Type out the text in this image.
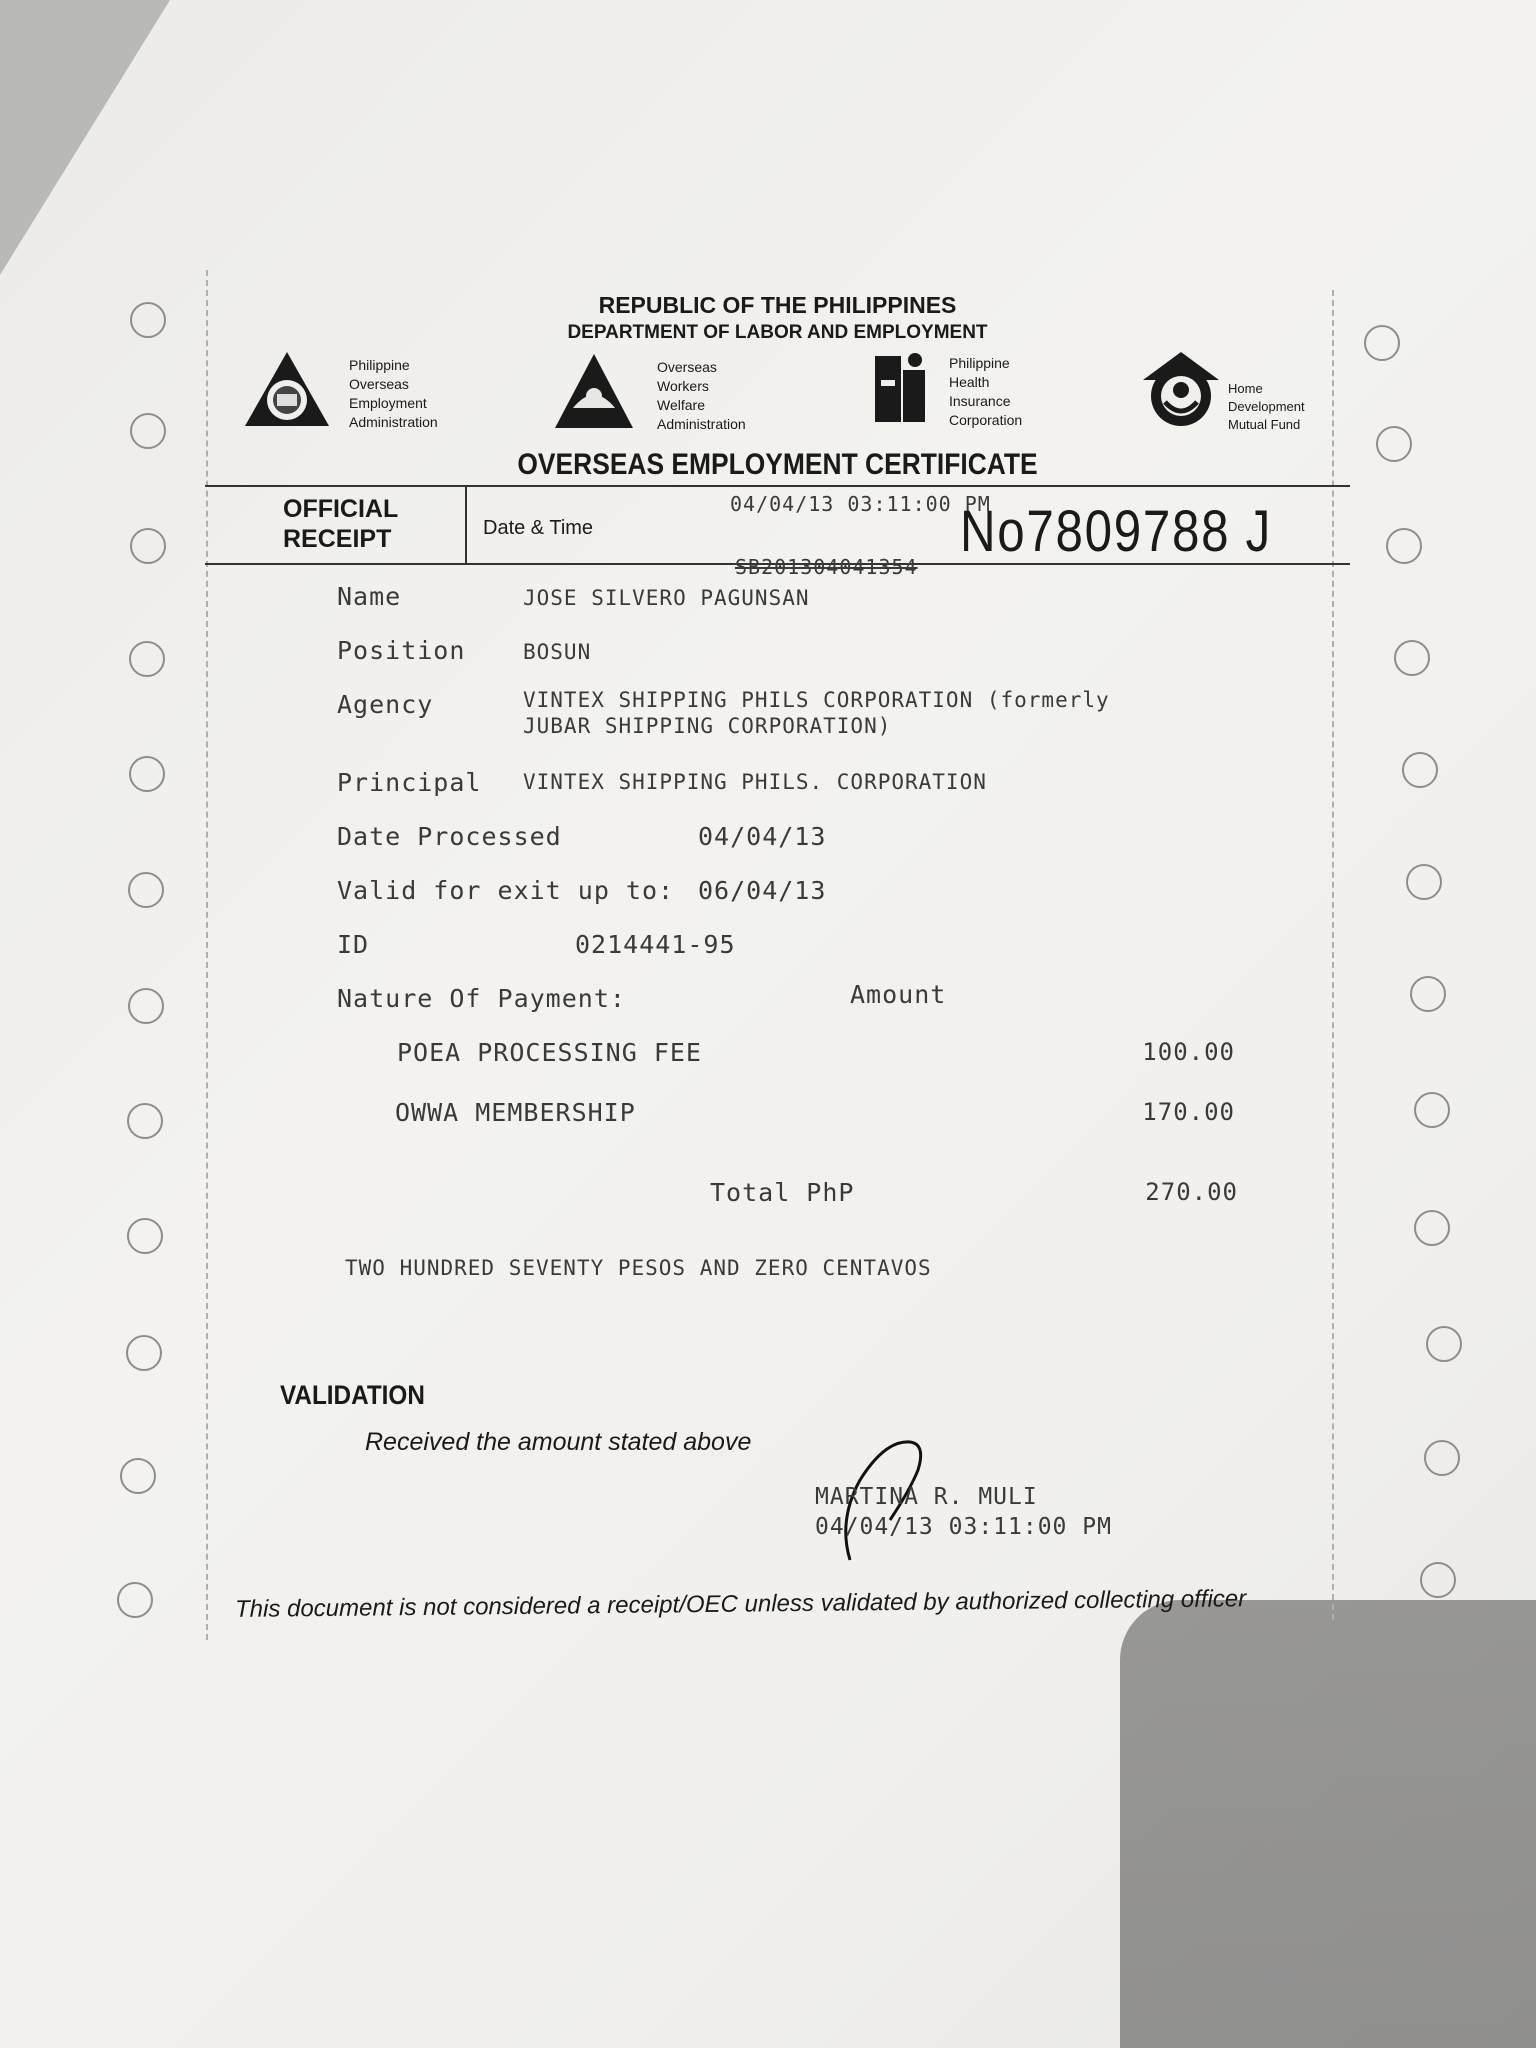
REPUBLIC OF THE PHILIPPINES
DEPARTMENT OF LABOR AND EMPLOYMENT
Philippine
Overseas
Employment
Administration
Overseas
Workers
Welfare
Administration
Philippine
Health
Insurance
Corporation
Home
Development
Mutual Fund
OVERSEAS EMPLOYMENT CERTIFICATE
OFFICIAL
RECEIPT	Date & Time
04/04/13 03:11:00 PM
No7809788 J
SB201304041354
Name	JOSE SILVERO PAGUNSAN
Position	BOSUN
Agency	VINTEX SHIPPING PHILS CORPORATION (formerly
JUBAR SHIPPING CORPORATION)
Principal VINTEX SHIPPING PHILS. CORPORATION
Date Processed	04/04/13
Valid for exit up to: 06/04/13
ID	0214441-95
Nature Of Payment:	Amount
POEA PROCESSING FEE	100.00
OWWA MEMBERSHIP	170.00
Total PhP	270.00
TWO HUNDRED SEVENTY PESOS AND ZERO CENTAVOS
VALIDATION
Received the amount stated above
MARTINA R. MULI
04/04/13 03:11:00 PM
This document is not considered a receipt/OEC unless validated by authorized collecting officer
